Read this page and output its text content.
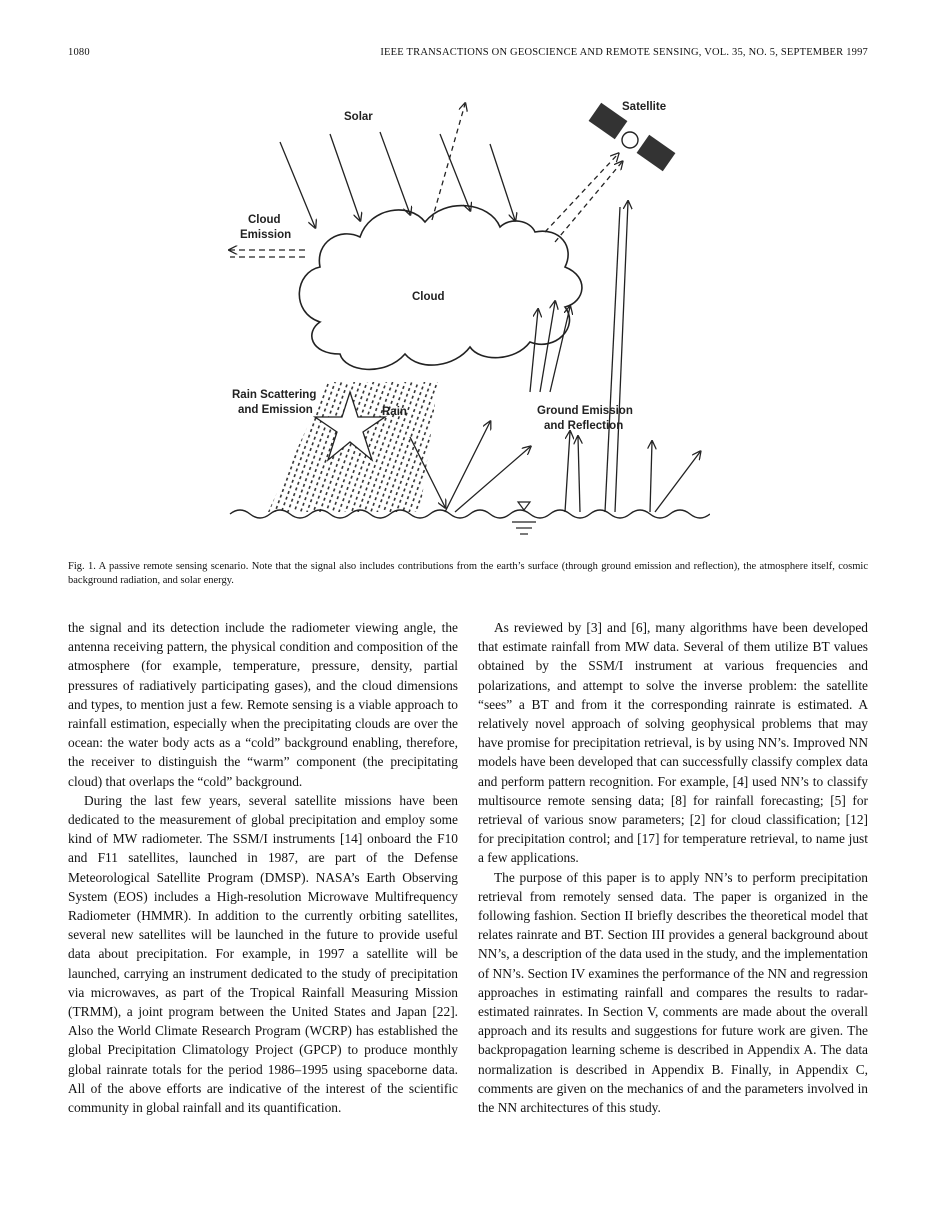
1080	IEEE TRANSACTIONS ON GEOSCIENCE AND REMOTE SENSING, VOL. 35, NO. 5, SEPTEMBER 1997
Solar
Satellite
Cloud
Emission
Cloud
Rain Scattering
and Emission	Rain	Ground Emission
and Reflection
Fig. 1. A passive remote sensing scenario. Note that the signal also includes contributions from the earth’s surface (through ground emission and reflection), the atmosphere itself, cosmic background radiation, and solar energy.

the signal and its detection include the radiometer viewing angle, the antenna receiving pattern, the physical condition and composition of the atmosphere (for example, temperature, pressure, density, partial pressures of radiatively participating gases), and the cloud dimensions and types, to mention just a few. Remote sensing is a viable approach to rainfall estimation, especially when the precipitating clouds are over the ocean: the water body acts as a “cold” background enabling, therefore, the receiver to distinguish the “warm” component (the precipitating cloud) that overlaps the “cold” background.

During the last few years, several satellite missions have been dedicated to the measurement of global precipitation and employ some kind of MW radiometer. The SSM/I instruments [14] onboard the F10 and F11 satellites, launched in 1987, are part of the Defense Meteorological Satellite Program (DMSP). NASA’s Earth Observing System (EOS) includes a High-resolution Microwave Multifrequency Radiometer (HMMR). In addition to the currently orbiting satellites, several new satellites will be launched in the future to provide useful data about precipitation. For example, in 1997 a satellite will be launched, carrying an instrument dedicated to the study of precipitation via microwaves, as part of the Tropical Rainfall Measuring Mission (TRMM), a joint program between the United States and Japan [22]. Also the World Climate Research Program (WCRP) has established the global Precipitation Climatology Project (GPCP) to produce monthly global rainrate totals for the period 1986–1995 using spaceborne data. All of the above efforts are indicative of the interest of the scientific community in global rainfall and its quantification.

As reviewed by [3] and [6], many algorithms have been developed that estimate rainfall from MW data. Several of them utilize BT values obtained by the SSM/I instrument at various frequencies and polarizations, and attempt to solve the inverse problem: the satellite “sees” a BT and from it the corresponding rainrate is estimated. A relatively novel approach of solving geophysical problems that may have promise for precipitation retrieval, is by using NN’s. Improved NN models have been developed that can successfully classify complex data and perform pattern recognition. For example, [4] used NN’s to classify multisource remote sensing data; [8] for rainfall forecasting; [5] for retrieval of various snow parameters; [2] for cloud classification; [12] for precipitation control; and [17] for temperature retrieval, to name just a few applications.

The purpose of this paper is to apply NN’s to perform precipitation retrieval from remotely sensed data. The paper is organized in the following fashion. Section II briefly describes the theoretical model that relates rainrate and BT. Section III provides a general background about NN’s, a description of the data used in the study, and the implementation of NN’s. Section IV examines the performance of the NN and regression approaches in estimating rainfall and compares the results to radar-estimated rainrates. In Section V, comments are made about the overall approach and its results and suggestions for future work are given. The backpropagation learning scheme is described in Appendix A. The data normalization is described in Appendix B. Finally, in Appendix C, comments are given on the mechanics of and the parameters involved in the NN architectures of this study.
